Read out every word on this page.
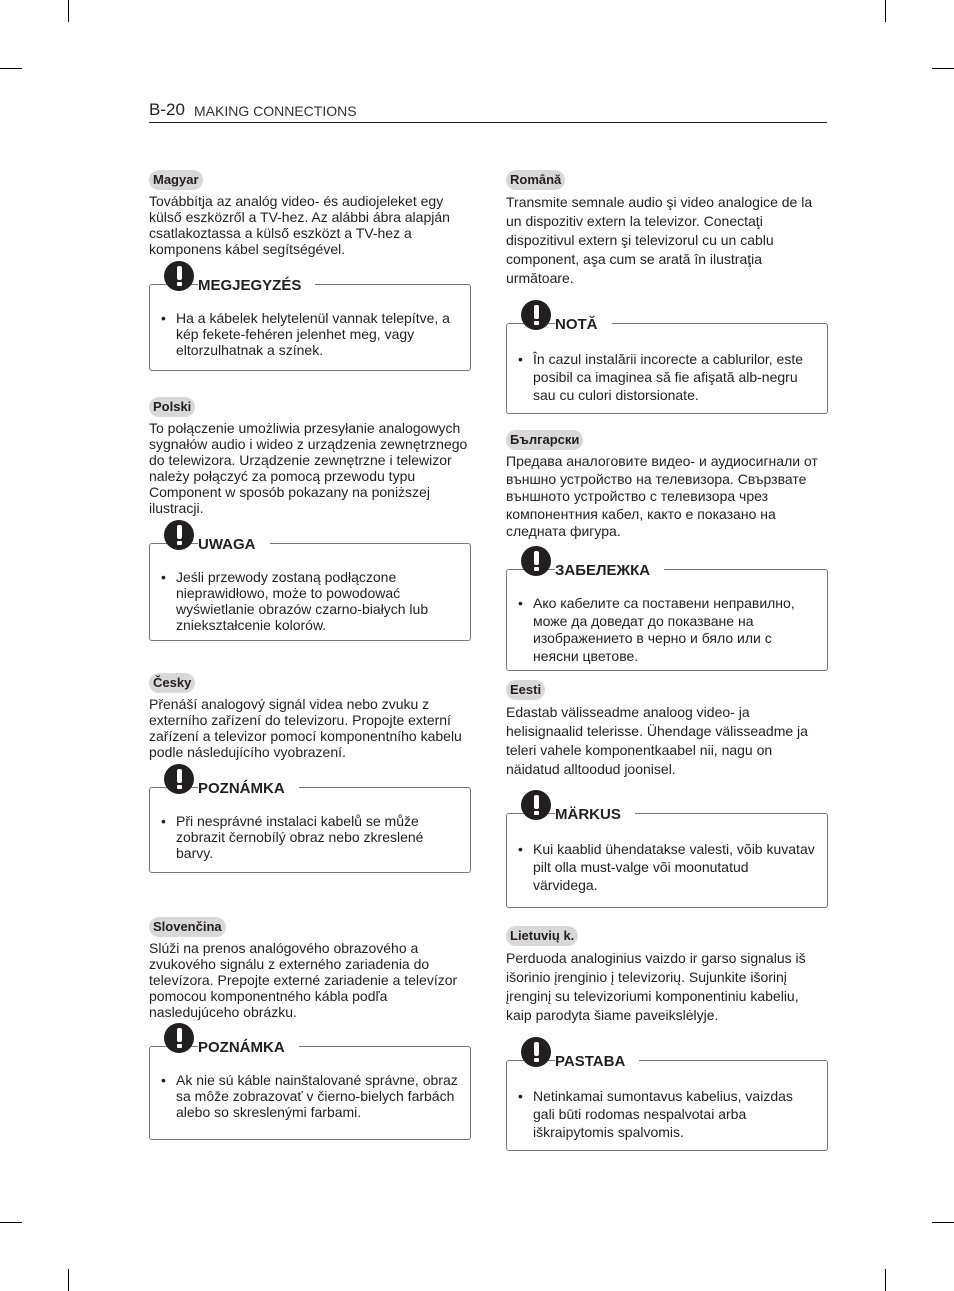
B-20 MAKING CONNECTIONS
Magyar

Továbbítja az analóg video- és audiojeleket egy külső eszközről a TV-hez. Az alábbi ábra alapján csatlakoztassa a külső eszközt a TV-hez a komponens kábel segítségével.

MEGJEGYZÉS
• Ha a kábelek helytelenül vannak telepítve, a kép fekete-fehéren jelenhet meg, vagy eltorzulhatnak a színek.
Polski

To połączenie umożliwia przesyłanie analogowych sygnałów audio i wideo z urządzenia zewnętrznego do telewizora. Urządzenie zewnętrzne i telewizor należy połączyć za pomocą przewodu typu Component w sposób pokazany na poniższej ilustracji.

UWAGA
• Jeśli przewody zostaną podłączone nieprawidłowo, może to powodować wyświetlanie obrazów czarno-białych lub zniekształcenie kolorów.
Česky

Přenáší analogový signál videa nebo zvuku z externího zařízení do televizoru. Propojte externí zařízení a televizor pomocí komponentního kabelu podle následujícího vyobrazení.

POZNÁMKA
• Při nesprávné instalaci kabelů se může zobrazit černobílý obraz nebo zkreslené barvy.
Slovenčina

Slúži na prenos analógového obrazového a zvukového signálu z externého zariadenia do televízora. Prepojte externé zariadenie a televízor pomocou komponentného kábla podľa nasledujúceho obrázku.

POZNÁMKA
• Ak nie sú káble nainštalované správne, obraz sa môže zobrazovať v čierno-bielych farbách alebo so skreslenými farbami.
Română

Transmite semnale audio şi video analogice de la un dispozitiv extern la televizor. Conectaţi dispozitivul extern şi televizorul cu un cablu component, aşa cum se arată în ilustraţia următoare.

NOTĂ
• În cazul instalării incorecte a cablurilor, este posibil ca imaginea să fie afişată alb-negru sau cu culori distorsionate.
Български

Предава аналоговите видео- и аудиосигнали от външно устройство на телевизора. Свързвате външното устройство с телевизора чрез компонентния кабел, както е показано на следната фигура.

ЗАБЕЛЕЖКА
• Ако кабелите са поставени неправилно, може да доведат до показване на изображението в черно и бяло или с неясни цветове.
Eesti

Edastab välisseadme analoog video- ja helisignaalid telerisse. Ühendage välisseadme ja teleri vahele komponentkaabel nii, nagu on näidatud alltoodud joonisel.

MÄRKUS
• Kui kaablid ühendatakse valesti, võib kuvatav pilt olla must-valge või moonutatud värvidega.
Lietuvių k.

Perduoda analoginius vaizdo ir garso signalus iš išorinio įrenginio į televizorių. Sujunkite išorinį įrenginį su televizoriumi komponentiniu kabeliu, kaip parodyta šiame paveikslėlyje.

PASTABA
• Netinkamai sumontavus kabelius, vaizdas gali būti rodomas nespalvotai arba iškraipytomis spalvomis.
